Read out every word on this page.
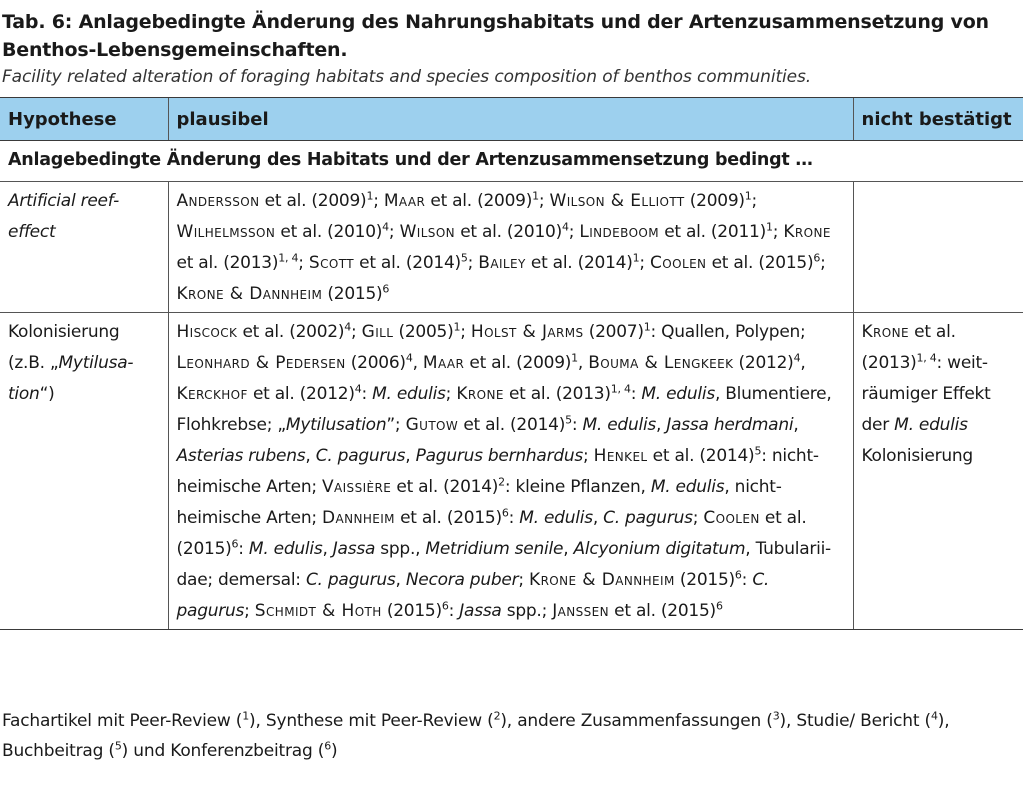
Tab. 6: Anlagebedingte Änderung des Nahrungshabitats und der Artenzusammensetzung von Benthos-Lebensgemeinschaften.
Facility related alteration of foraging habitats and species composition of benthos communities.
Hypothese	plausibel	nicht bestätigt
Anlagebedingte Änderung des Habitats und der Artenzusammensetzung bedingt …		
Artificial reef-effect	Andersson et al. $(2009)^1$; Maar et al. $(2009)^1$; Wilson & Elliott $(2009)^1$; Wilhelmsson et al. $(2010)^4$; Wilson et al. $(2010)^4$; Lindeboom et al. $(2011)^1$; Krone et al. $(2013)^{1, 4}$; Scott et al. $(2014)^5$; Bailey et al. $(2014)^1$; Coolen et al. $(2015)^6$; Krone & Dannheim $(2015)^6$	
Kolonisierung (z.B. „Mytilusation“)	Hiscock et al. $(2002)^4$; Gill $(2005)^1$; Holst & Jarms $(2007)^1$: Quallen, Polypen; Leonhard & Pedersen $(2006)^4$, Maar et al. $(2009)^1$, Bouma & Lengkeek $(2012)^4$, Kerckhof et al. $(2012)^4$: M. edulis; Krone et al. $(2013)^{1, 4}$: M. edulis, Blumentiere, Flohkrebse; „Mytilusation”; Gutow et al. $(2014)^5$: M. edulis, Jassa herdmani, Asterias rubens, C. pagurus, Pagurus bernhardus; Henkel et al. $(2014)^5$: nicht-heimische Arten; Vaissière et al. $(2014)^2$: kleine Pflanzen, M. edulis, nicht-heimische Arten; Dannheim et al. $(2015)^6$: M. edulis, C. pagurus; Coolen et al. $(2015)^6$: M. edulis, Jassa spp., Metridium senile, Alcyonium digitatum, Tubulariidae; demersal: C. pagurus, Necora puber; Krone & Dannheim $(2015)^6$: C. pagurus; Schmidt & Hoth $(2015)^6$: Jassa spp.; Janssen et al. $(2015)^6$	Krone et al. $(2013)^{1, 4}$: weiträumiger Effekt der M. edulis Kolonisierung
Fachartikel mit Peer-Review ($^1$), Synthese mit Peer-Review ($^2$), andere Zusammenfassungen ($^3$), Studie/ Bericht ($^4$), Buchbeitrag ($^5$) und Konferenzbeitrag ($^6$)
